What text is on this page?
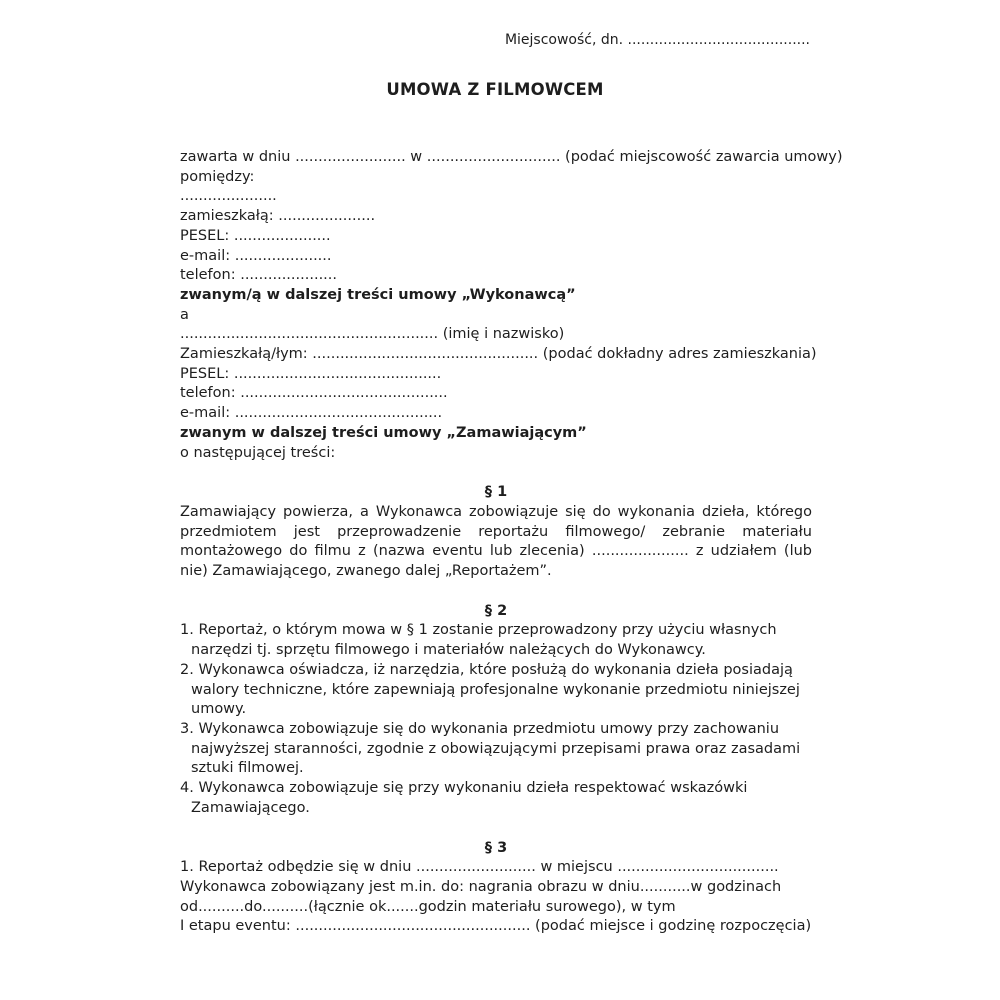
Miejscowość, dn. .........................................
UMOWA Z FILMOWCEM
zawarta w dniu ........................ w ............................. (podać miejscowość zawarcia umowy)
pomiędzy:
.....................
zamieszkałą: .....................
PESEL: .....................
e-mail: .....................
telefon: .....................
zwanym/ą w dalszej treści umowy „Wykonawcą”
a
........................................................ (imię i nazwisko)
Zamieszkałą/łym: ................................................. (podać dokładny adres zamieszkania)
PESEL: .............................................
telefon: .............................................
e-mail: .............................................
zwanym w dalszej treści umowy „Zamawiającym”
o następującej treści:
§ 1
Zamawiający powierza, a Wykonawca zobowiązuje się do wykonania dzieła, którego przedmiotem jest przeprowadzenie reportażu filmowego/ zebranie materiału montażowego do filmu z (nazwa eventu lub zlecenia) ..................... z udziałem (lub nie) Zamawiającego, zwanego dalej „Reportażem”.
§ 2
1. Reportaż, o którym mowa w § 1 zostanie przeprowadzony przy użyciu własnych
narzędzi tj. sprzętu filmowego i materiałów należących do Wykonawcy.
2. Wykonawca oświadcza, iż narzędzia, które posłużą do wykonania dzieła posiadają
walory techniczne, które zapewniają profesjonalne wykonanie przedmiotu niniejszej
umowy.
3. Wykonawca zobowiązuje się do wykonania przedmiotu umowy przy zachowaniu
najwyższej staranności, zgodnie z obowiązującymi przepisami prawa oraz zasadami
sztuki filmowej.
4. Wykonawca zobowiązuje się przy wykonaniu dzieła respektować wskazówki
Zamawiającego.
§ 3
1. Reportaż odbędzie się w dniu .......................... w miejscu ...................................
Wykonawca zobowiązany jest m.in. do: nagrania obrazu w dniu...........w godzinach
od..........do..........(łącznie ok.......godzin materiału surowego), w tym
I etapu eventu: ................................................... (podać miejsce i godzinę rozpoczęcia)
